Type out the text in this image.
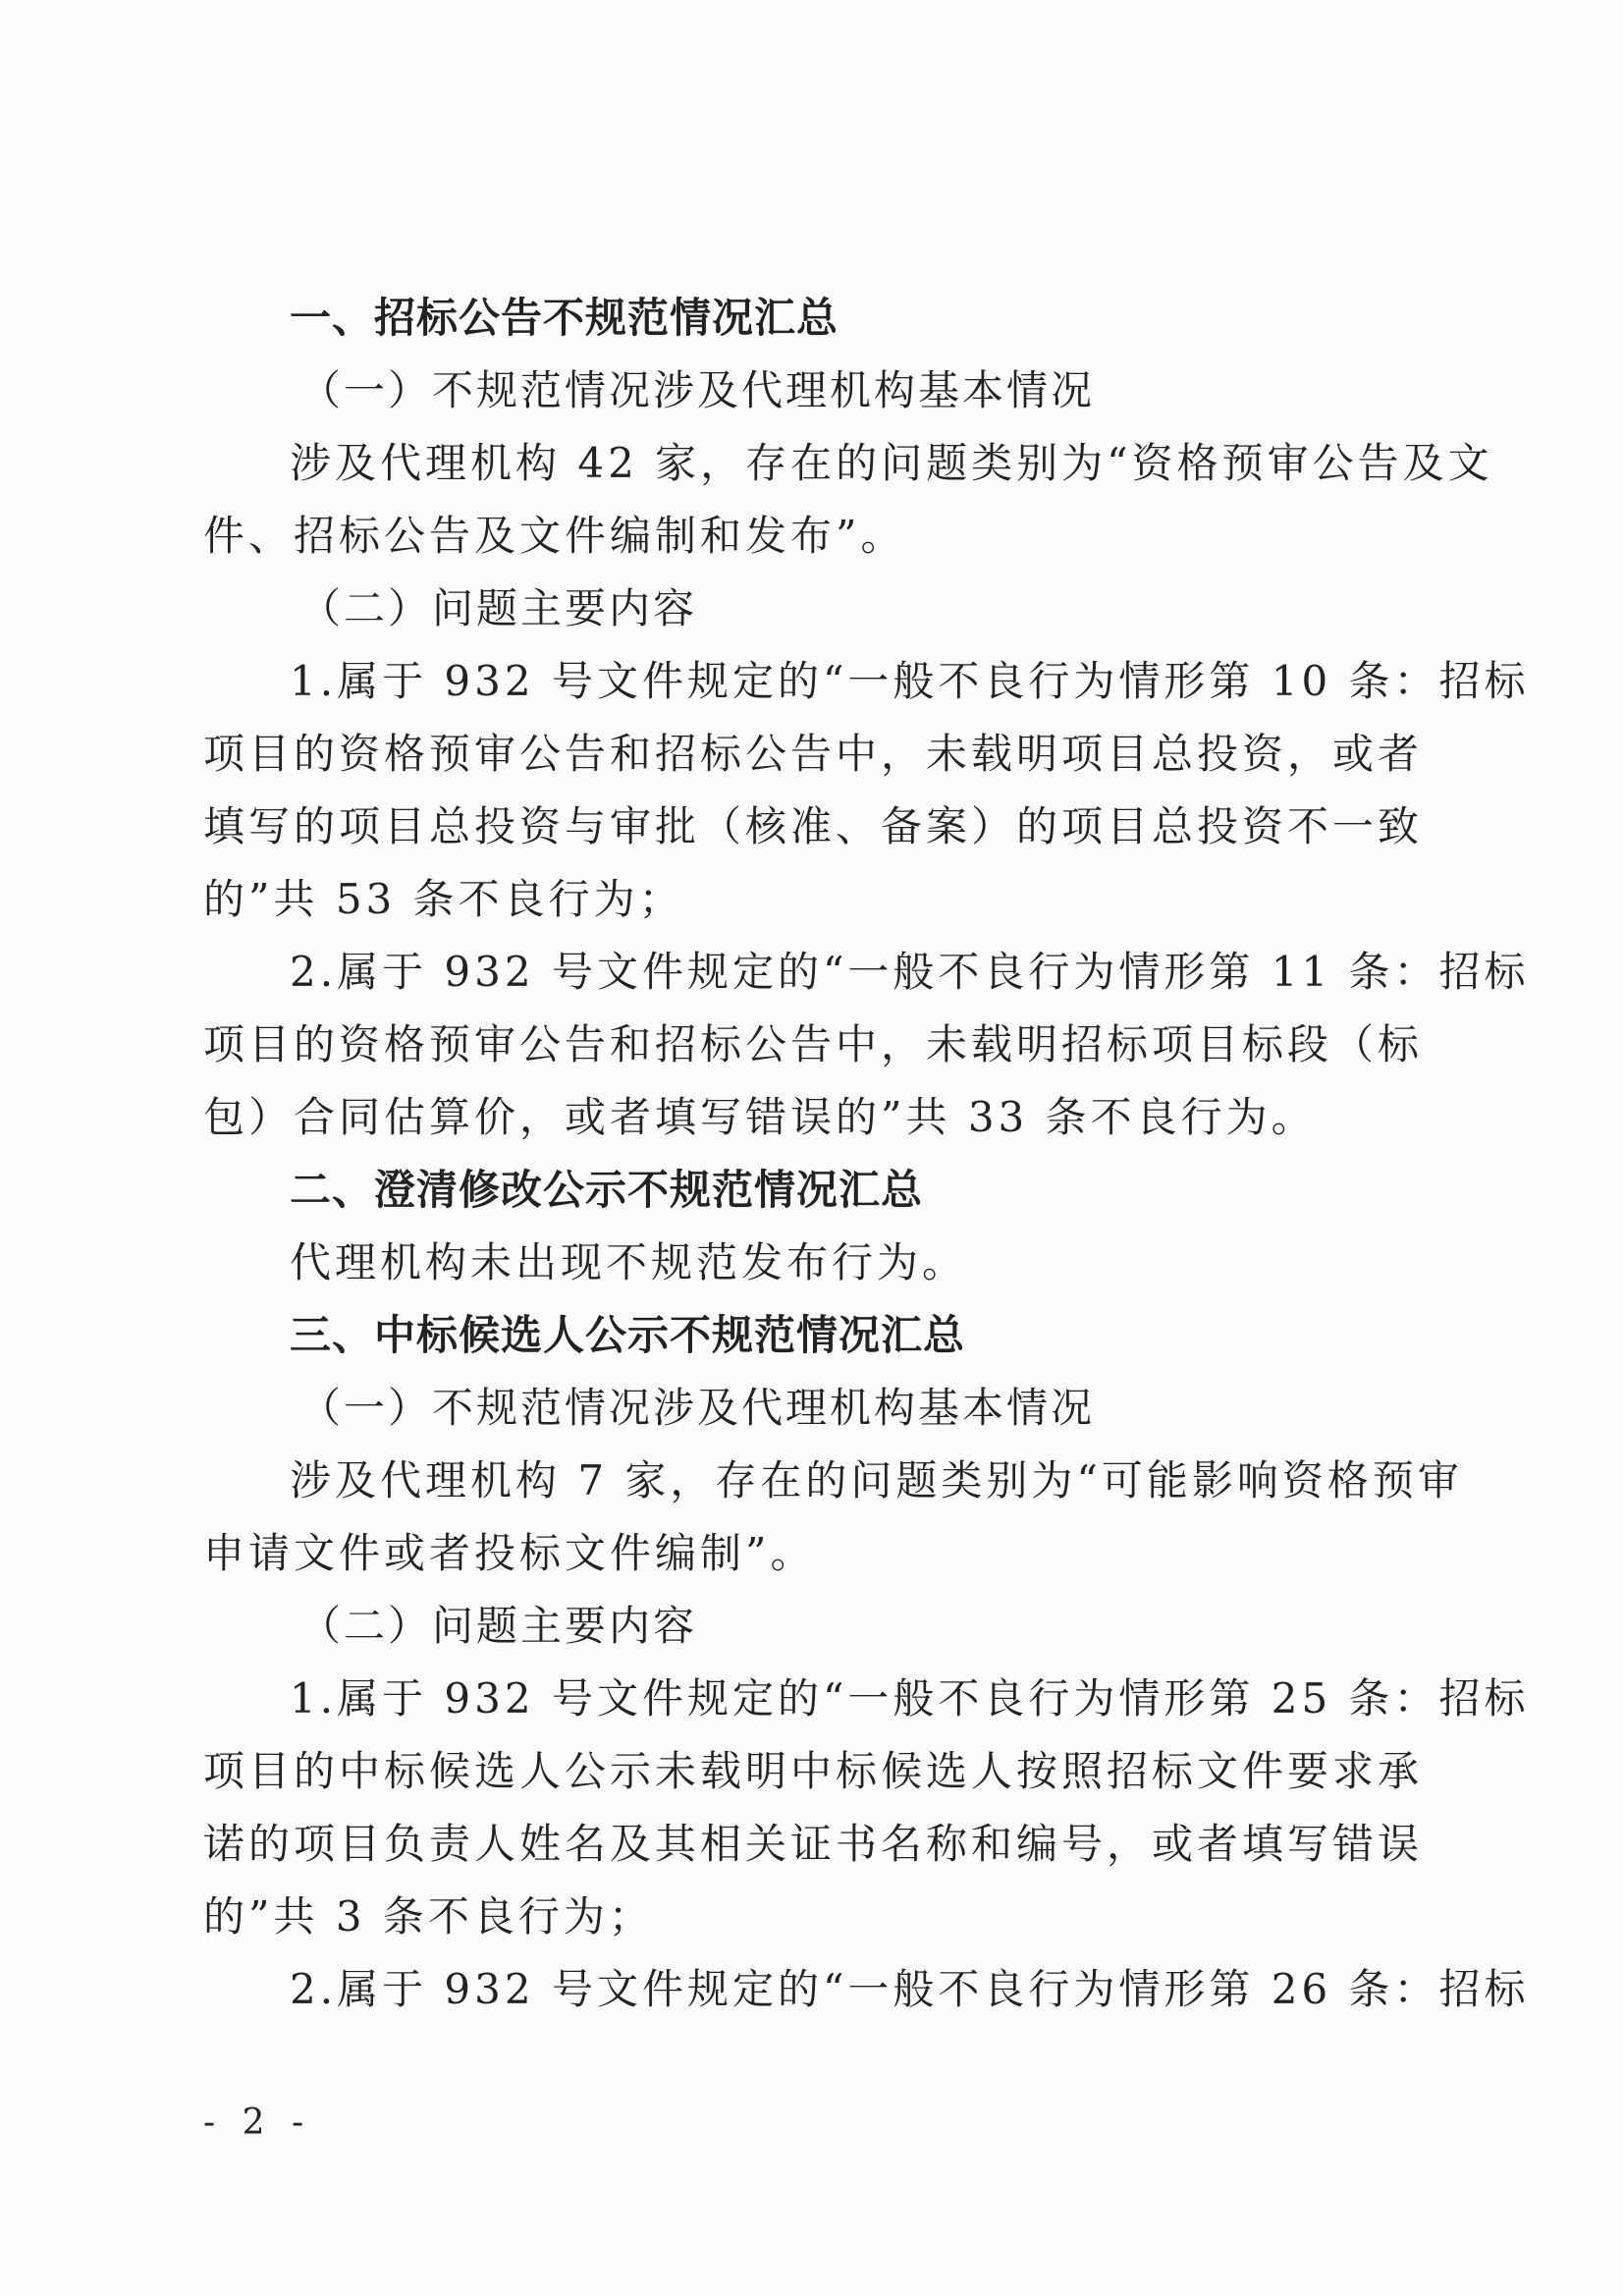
一、招标公告不规范情况汇总
（一）不规范情况涉及代理机构基本情况
涉及代理机构 42 家，存在的问题类别为“资格预审公告及文
件、招标公告及文件编制和发布”。
（二）问题主要内容
1.属于 932 号文件规定的“一般不良行为情形第 10 条：招标
项目的资格预审公告和招标公告中，未载明项目总投资，或者
填写的项目总投资与审批（核准、备案）的项目总投资不一致
的”共 53 条不良行为；
2.属于 932 号文件规定的“一般不良行为情形第 11 条：招标
项目的资格预审公告和招标公告中，未载明招标项目标段（标
包）合同估算价，或者填写错误的”共 33 条不良行为。
二、澄清修改公示不规范情况汇总
代理机构未出现不规范发布行为。
三、中标候选人公示不规范情况汇总
（一）不规范情况涉及代理机构基本情况
涉及代理机构 7 家，存在的问题类别为“可能影响资格预审
申请文件或者投标文件编制”。
（二）问题主要内容
1.属于 932 号文件规定的“一般不良行为情形第 25 条：招标
项目的中标候选人公示未载明中标候选人按照招标文件要求承
诺的项目负责人姓名及其相关证书名称和编号，或者填写错误
的”共 3 条不良行为；
2.属于 932 号文件规定的“一般不良行为情形第 26 条：招标
- 2 -
